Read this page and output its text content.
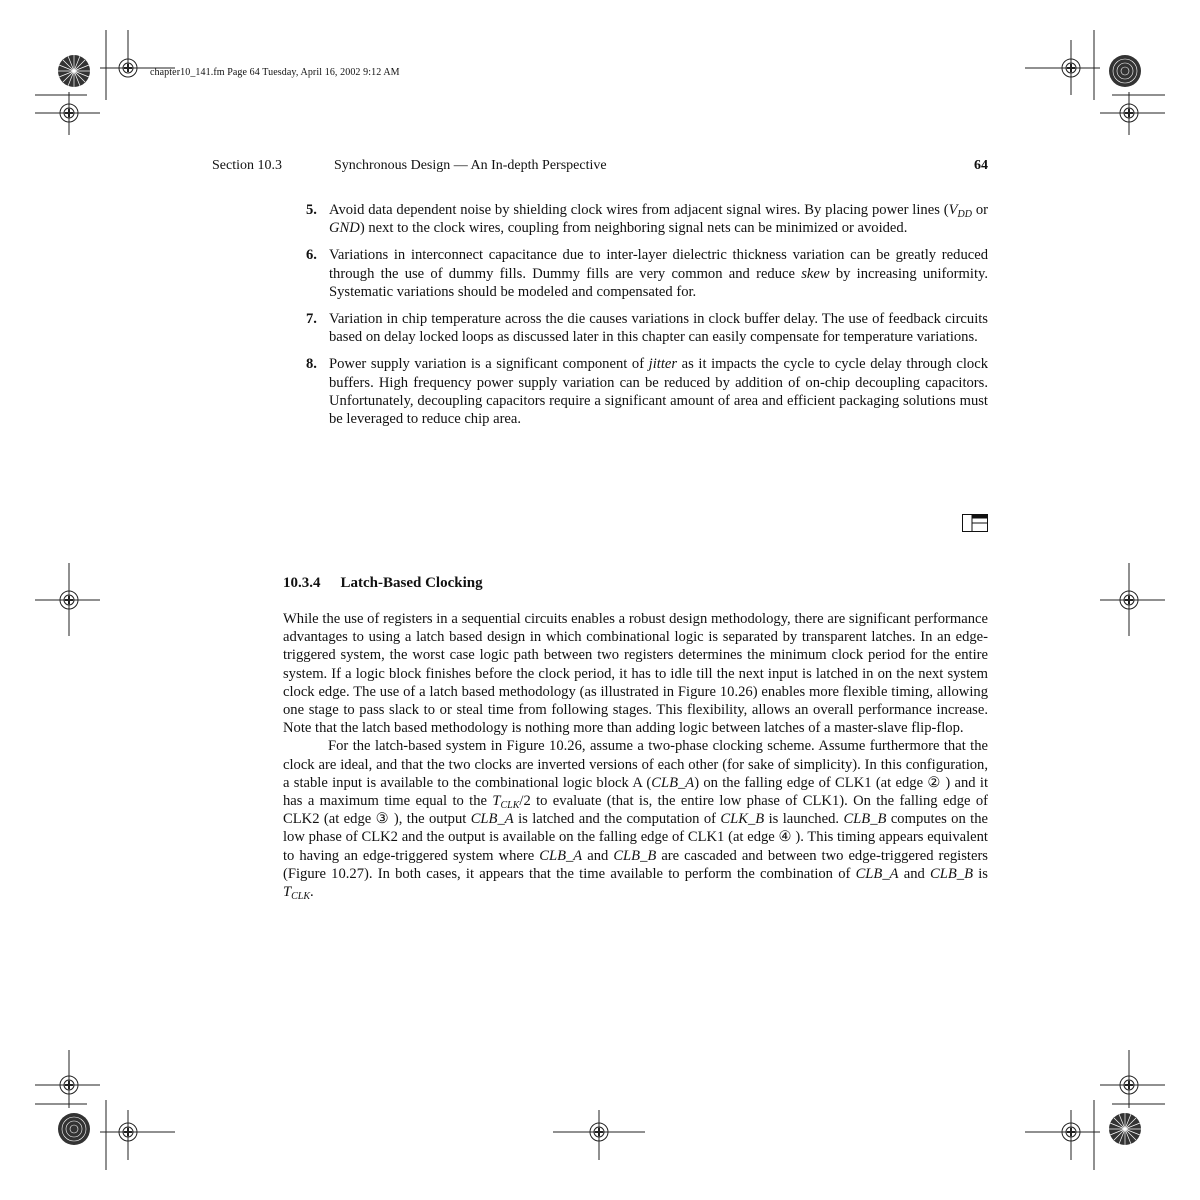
chapter10_141.fm Page 64 Tuesday, April 16, 2002 9:12 AM
Section 10.3	Synchronous Design — An In-depth Perspective	64
5. Avoid data dependent noise by shielding clock wires from adjacent signal wires. By placing power lines ($V_{DD}$ or GND) next to the clock wires, coupling from neighboring signal nets can be minimized or avoided.
6. Variations in interconnect capacitance due to inter-layer dielectric thickness variation can be greatly reduced through the use of dummy fills. Dummy fills are very common and reduce skew by increasing uniformity. Systematic variations should be modeled and compensated for.
7. Variation in chip temperature across the die causes variations in clock buffer delay. The use of feedback circuits based on delay locked loops as discussed later in this chapter can easily compensate for temperature variations.
8. Power supply variation is a significant component of jitter as it impacts the cycle to cycle delay through clock buffers. High frequency power supply variation can be reduced by addition of on-chip decoupling capacitors. Unfortunately, decoupling capacitors require a significant amount of area and efficient packaging solutions must be leveraged to reduce chip area.
10.3.4 Latch-Based Clocking

While the use of registers in a sequential circuits enables a robust design methodology, there are significant performance advantages to using a latch based design in which combinational logic is separated by transparent latches. In an edge-triggered system, the worst case logic path between two registers determines the minimum clock period for the entire system. If a logic block finishes before the clock period, it has to idle till the next input is latched in on the next system clock edge. The use of a latch based methodology (as illustrated in Figure 10.26) enables more flexible timing, allowing one stage to pass slack to or steal time from following stages. This flexibility, allows an overall performance increase. Note that the latch based methodology is nothing more than adding logic between latches of a master-slave flip-flop.

For the latch-based system in Figure 10.26, assume a two-phase clocking scheme. Assume furthermore that the clock are ideal, and that the two clocks are inverted versions of each other (for sake of simplicity). In this configuration, a stable input is available to the combinational logic block A (CLB_A) on the falling edge of CLK1 (at edge ② ) and it has a maximum time equal to the $T_{CLK}/2$ to evaluate (that is, the entire low phase of CLK1). On the falling edge of CLK2 (at edge ③ ), the output CLB_A is latched and the computation of CLK_B is launched. CLB_B computes on the low phase of CLK2 and the output is available on the falling edge of CLK1 (at edge ④ ). This timing appears equivalent to having an edge-triggered system where CLB_A and CLB_B are cascaded and between two edge-triggered registers (Figure 10.27). In both cases, it appears that the time available to perform the combination of CLB_A and CLB_B is $T_{CLK}$.
